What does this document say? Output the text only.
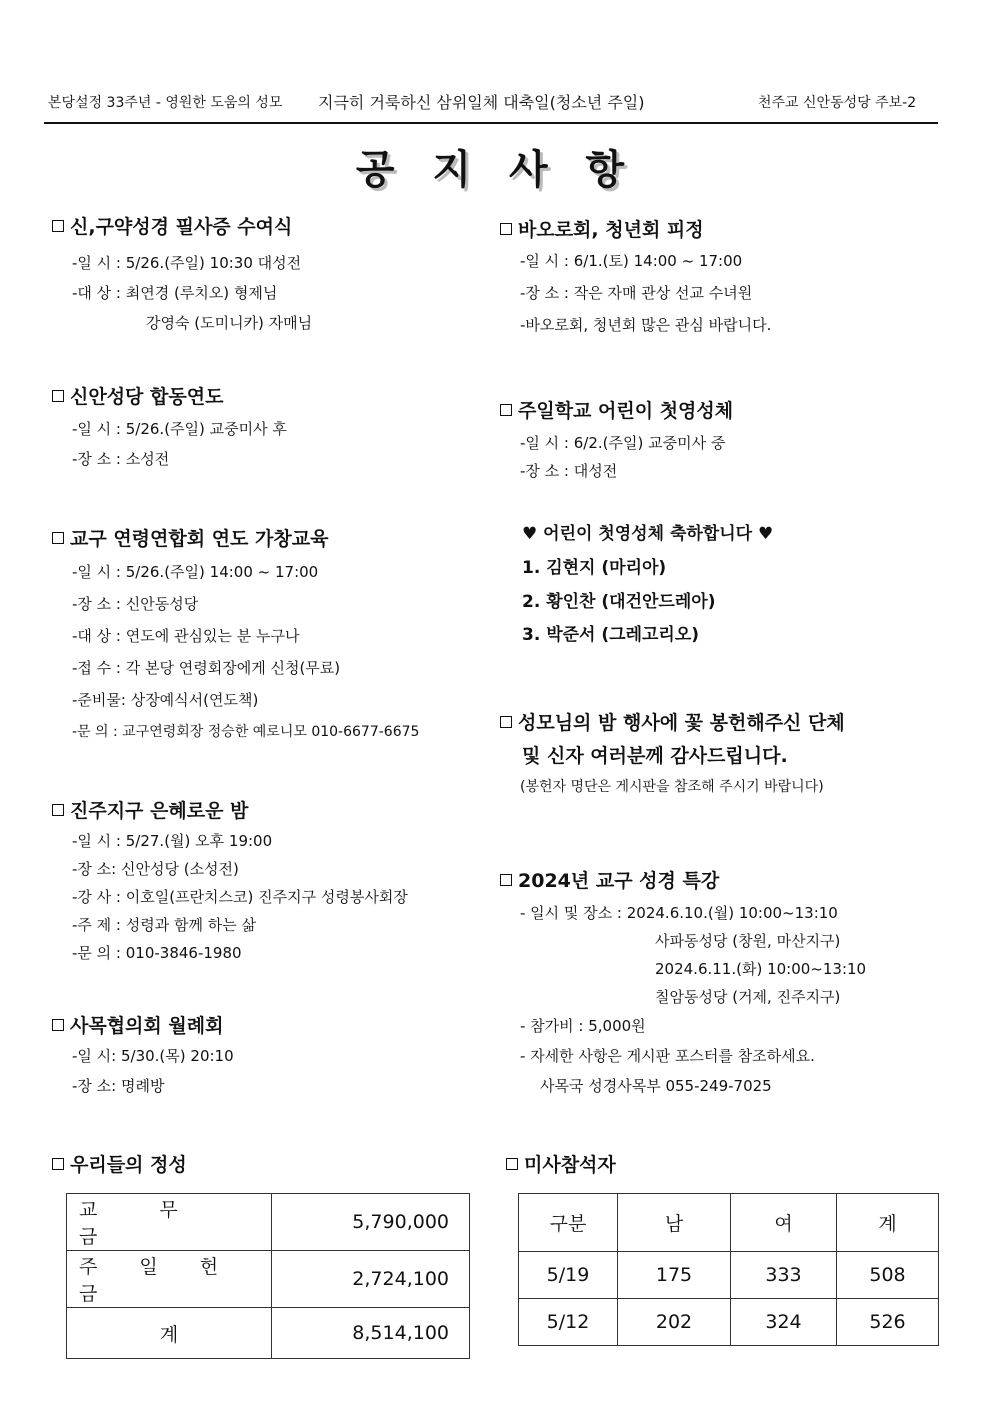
본당설정 33주년 - 영원한 도움의 성모 지극히 거룩하신 삼위일체 대축일(청소년 주일)	천주교 신안동성당 주보-2
공 지 사 항
신,구약성경 필사증 수여식
-일 시 : 5/26.(주일) 10:30 대성전
-대 상 : 최연경 (루치오) 형제님
강영숙 (도미니카) 자매님
신안성당 합동연도
-일 시 : 5/26.(주일) 교중미사 후
-장 소 : 소성전
교구 연령연합회 연도 가창교육
-일 시 : 5/26.(주일) 14:00 ~ 17:00
-장 소 : 신안동성당
-대 상 : 연도에 관심있는 분 누구나
-접 수 : 각 본당 연령회장에게 신청(무료)
-준비물: 상장예식서(연도책)
-문 의 : 교구연령회장 정승한 예로니모 010-6677-6675
진주지구 은혜로운 밤
-일 시 : 5/27.(월) 오후 19:00
-장 소: 신안성당 (소성전)
-강 사 : 이호일(프란치스코) 진주지구 성령봉사회장
-주 제 : 성령과 함께 하는 삶
-문 의 : 010-3846-1980
사목협의회 월례회
-일 시: 5/30.(목) 20:10
-장 소: 명례방
바오로회, 청년회 피정
-일 시 : 6/1.(토) 14:00 ~ 17:00
-장 소 : 작은 자매 관상 선교 수녀원
-바오로회, 청년회 많은 관심 바랍니다.
주일학교 어린이 첫영성체
-일 시 : 6/2.(주일) 교중미사 중
-장 소 : 대성전
♥ 어린이 첫영성체 축하합니다 ♥
1. 김현지 (마리아)
2. 황인찬 (대건안드레아)
3. 박준서 (그레고리오)
성모님의 밤 행사에 꽃 봉헌해주신 단체
및 신자 여러분께 감사드립니다.
(봉헌자 명단은 게시판을 참조해 주시기 바랍니다)
2024년 교구 성경 특강
- 일시 및 장소 : 2024.6.10.(월) 10:00~13:10
사파동성당 (창원, 마산지구)
2024.6.11.(화) 10:00~13:10
칠암동성당 (거제, 진주지구)
- 참가비 : 5,000원
- 자세한 사항은 게시판 포스터를 참조하세요.
사목국 성경사목부 055-249-7025
우리들의 정성
교 무 금	5,790,000
주 일 헌 금	2,724,100
계	8,514,100
미사참석자
구분	남	여	계
5/19	175	333	508
5/12	202	324	526
